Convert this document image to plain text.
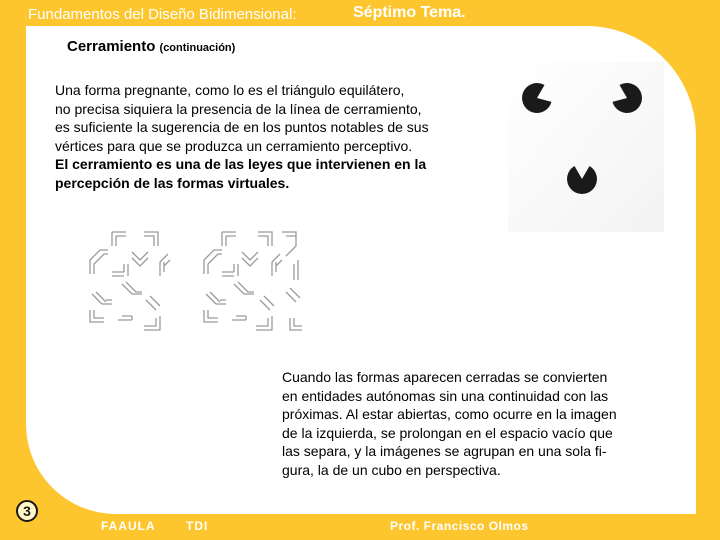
Fundamentos del Diseño Bidimensional:	Séptimo Tema.
Cerramiento (continuación)
Una forma pregnante, como lo es el triángulo equilátero,
no precisa siquiera la presencia de la línea de cerramiento,
es suficiente la sugerencia de en los puntos notables de sus
vértices para que se produzca un cerramiento perceptivo.
El cerramiento es una de las leyes que intervienen en la
percepción de las formas virtuales.
Cuando las formas aparecen cerradas se convierten
en entidades autónomas sin una continuidad con las
próximas. Al estar abiertas, como ocurre en la imagen
de la izquierda, se prolongan en el espacio vacío que
las separa, y la imágenes se agrupan en una sola fi-
gura, la de un cubo en perspectiva.
3
FAAULA	TDI	Prof. Francisco Olmos
